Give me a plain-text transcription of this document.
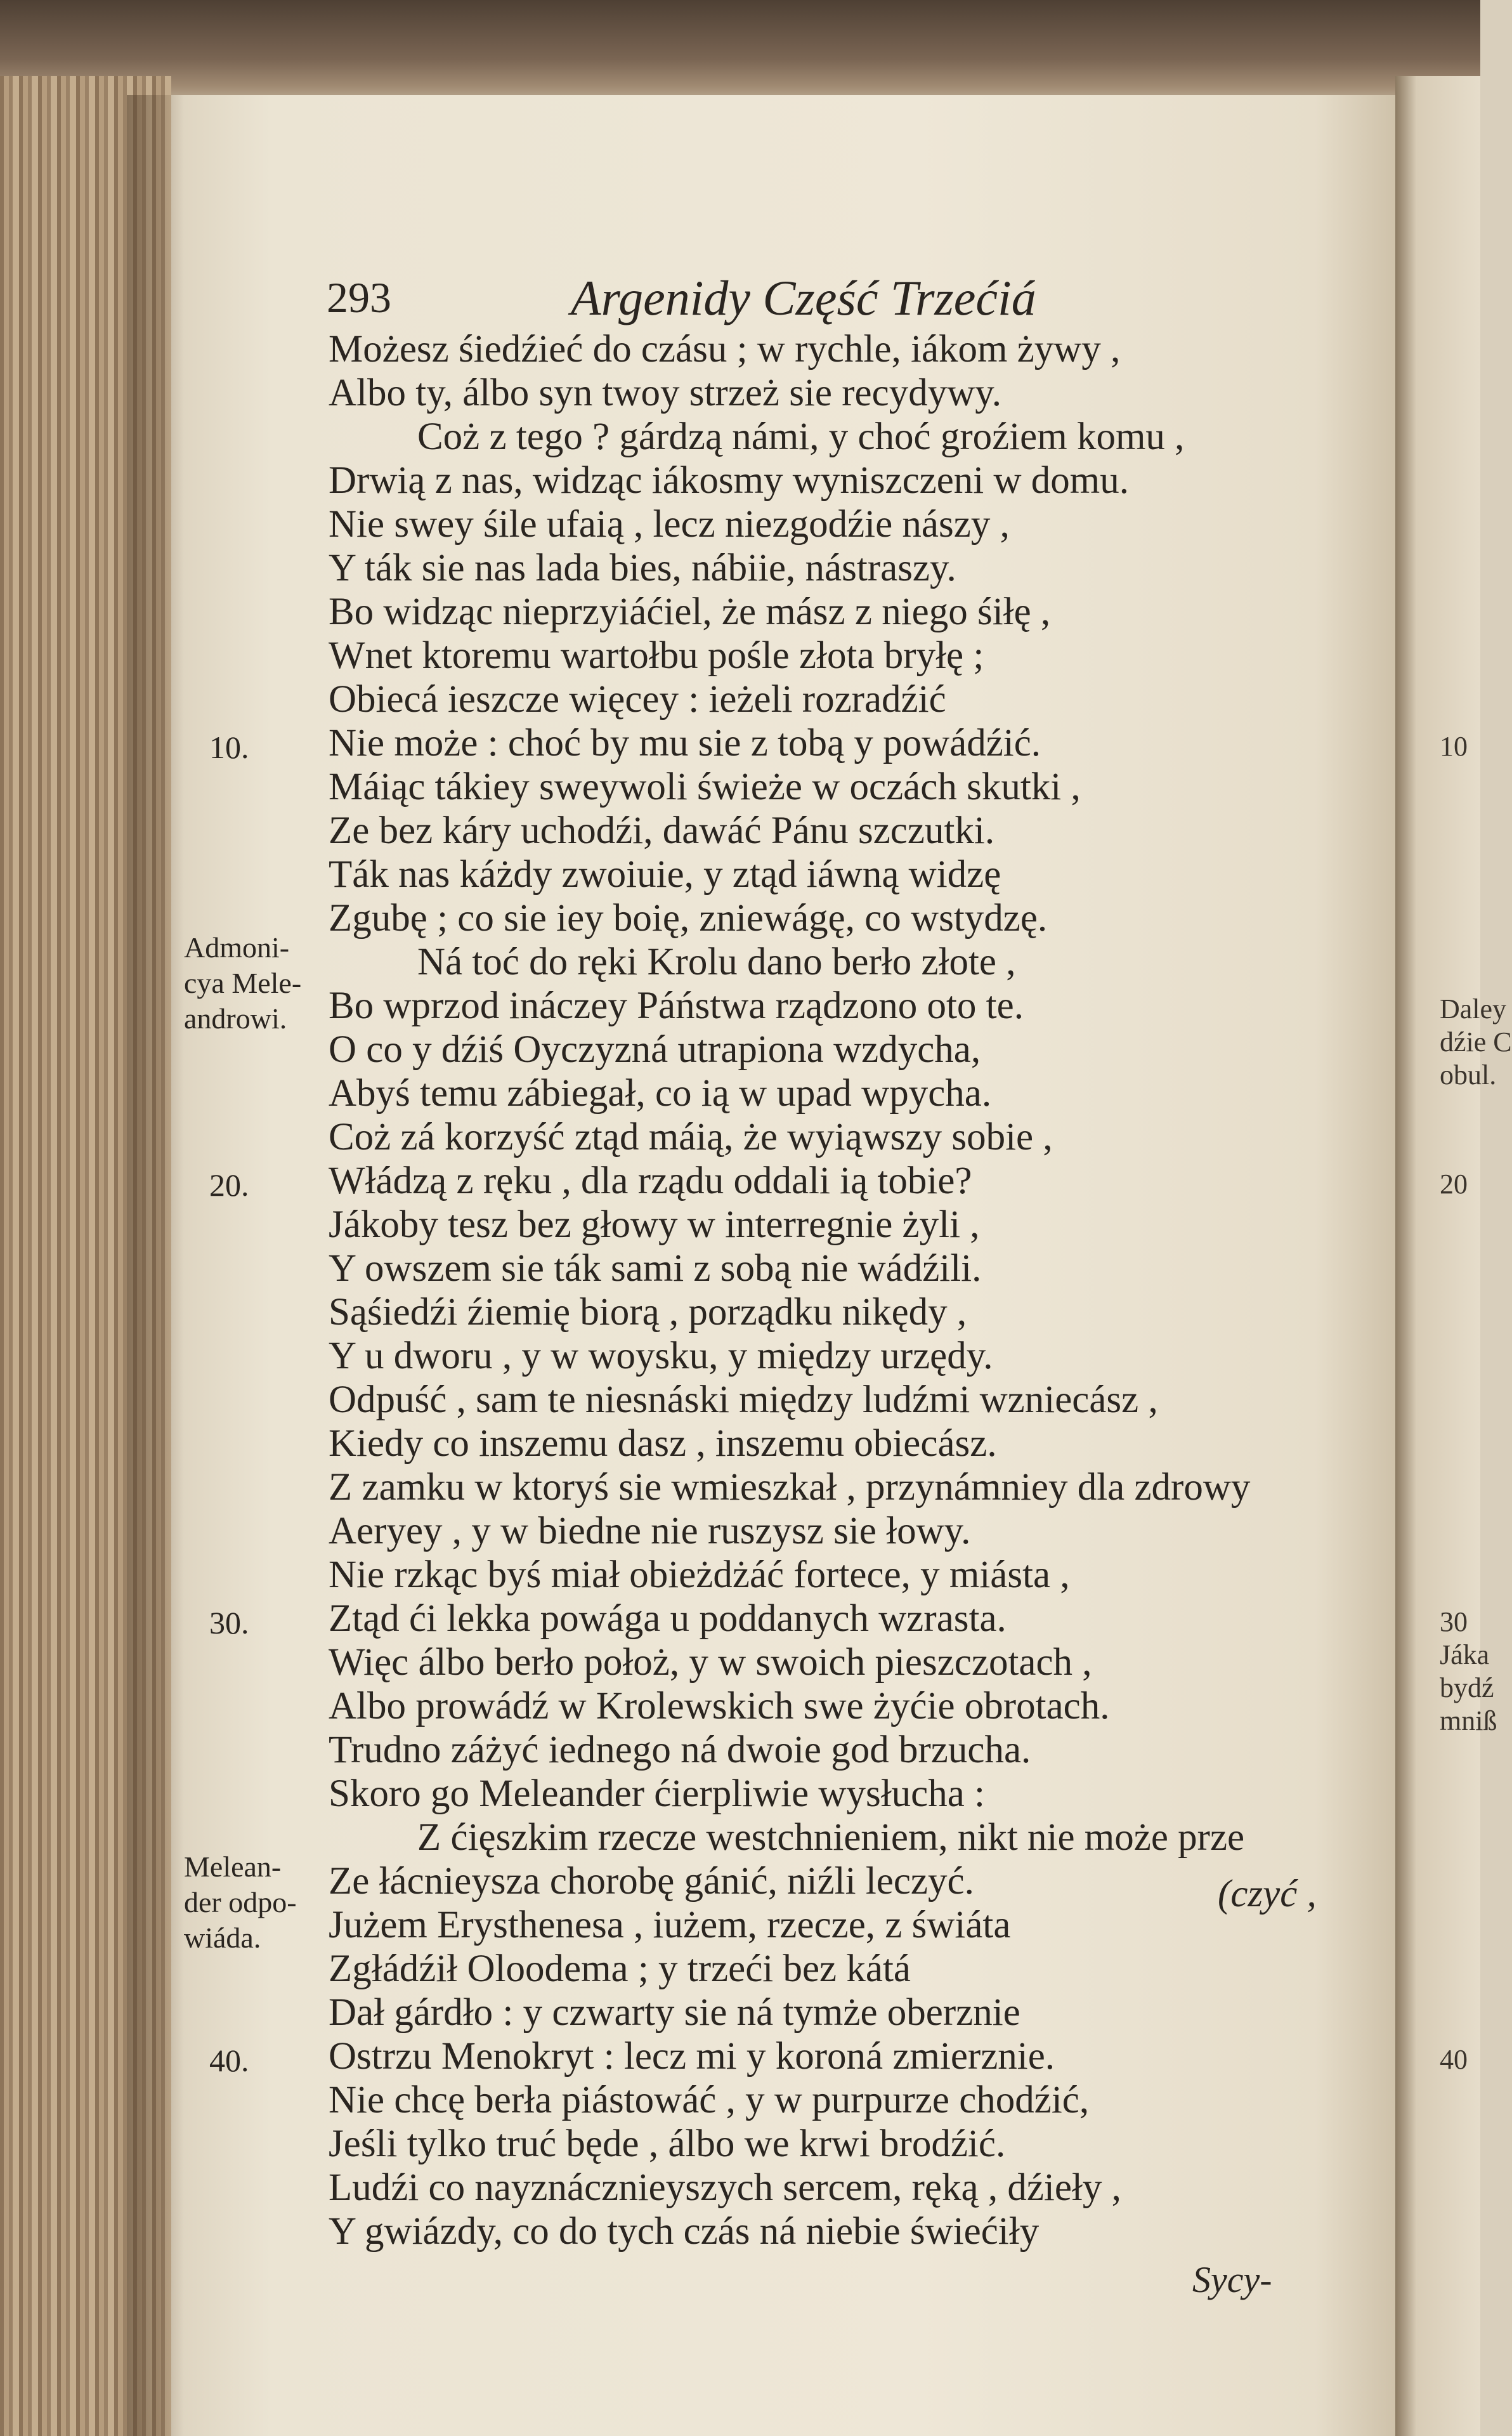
293	Argenidy Część Trzećiá
Możesz śiedźieć do czásu ; w rychle, iákom żywy ,
Albo ty, álbo syn twoy strzeż sie recydywy.
Coż z tego ? gárdzą námi, y choć groźiem komu ,
Drwią z nas, widząc iákosmy wyniszczeni w domu.
Nie swey śile ufaią , lecz niezgodźie nászy ,
Y ták sie nas lada bies, nábiie, nástraszy.
Bo widząc nieprzyiáćiel, że mász z niego śiłę ,
Wnet ktoremu wartołbu pośle złota bryłę ;
Obiecá ieszcze więcey : ieżeli rozradźić
Nie może : choć by mu sie z tobą y powádźić.
Máiąc tákiey sweywoli świeże w oczách skutki ,
Ze bez káry uchodźi, dawáć Pánu szczutki.
Ták nas káżdy zwoiuie, y ztąd iáwną widzę
Zgubę ; co sie iey boię, zniewágę, co wstydzę.
Ná toć do ręki Krolu dano berło złote ,
Bo wprzod ináczey Páństwa rządzono oto te.
O co y dźiś Oyczyzná utrapiona wzdycha,
Abyś temu zábiegał, co ią w upad wpycha.
Coż zá korzyść ztąd máią, że wyiąwszy sobie ,
Włádzą z ręku , dla rządu oddali ią tobie?
Jákoby tesz bez głowy w interregnie żyli ,
Y owszem sie ták sami z sobą nie wádźili.
Sąśiedźi źiemię biorą , porządku nikędy ,
Y u dworu , y w woysku, y między urzędy.
Odpuść , sam te niesnáski między ludźmi wzniecász ,
Kiedy co inszemu dasz , inszemu obiecász.
Z zamku w ktoryś sie wmieszkał , przynámniey dla zdrowy
Aeryey , y w biedne nie ruszysz sie łowy.
Nie rzkąc byś miał obieżdżáć fortece, y miásta ,
Ztąd ći lekka powága u poddanych wzrasta.
Więc álbo berło położ, y w swoich pieszczotach ,
Albo prowádź w Krolewskich swe żyćie obrotach.
Trudno záżyć iednego ná dwoie god brzucha.
Skoro go Meleander ćierpliwie wysłucha :
Z ćięszkim rzecze westchnieniem, nikt nie może prze
Ze łácnieysza chorobę gánić, niźli leczyć.
Jużem Erysthenesa , iużem, rzecze, z świáta
Zgłádźił Oloodema ; y trzeći bez kátá
Dał gárdło : y czwarty sie ná tymże oberznie
Ostrzu Menokryt : lecz mi y koroná zmierznie.
Nie chcę berła piástowáć , y w purpurze chodźić,
Jeśli tylko truć będe , álbo we krwi brodźić.
Ludźi co nayznácznieyszych sercem, ręką , dźiełу ,
Y gwiázdy, co do tych czás ná niebie świećiły
10.
20.
30.
40.
Admoni-
cya Mele-
androwi.
Melean-
der odpo-
wiáda.
10
Daley
dźie C
obul.
20
30
Jáka
bydź
mniß
40
(czyć ,
Sycy-
